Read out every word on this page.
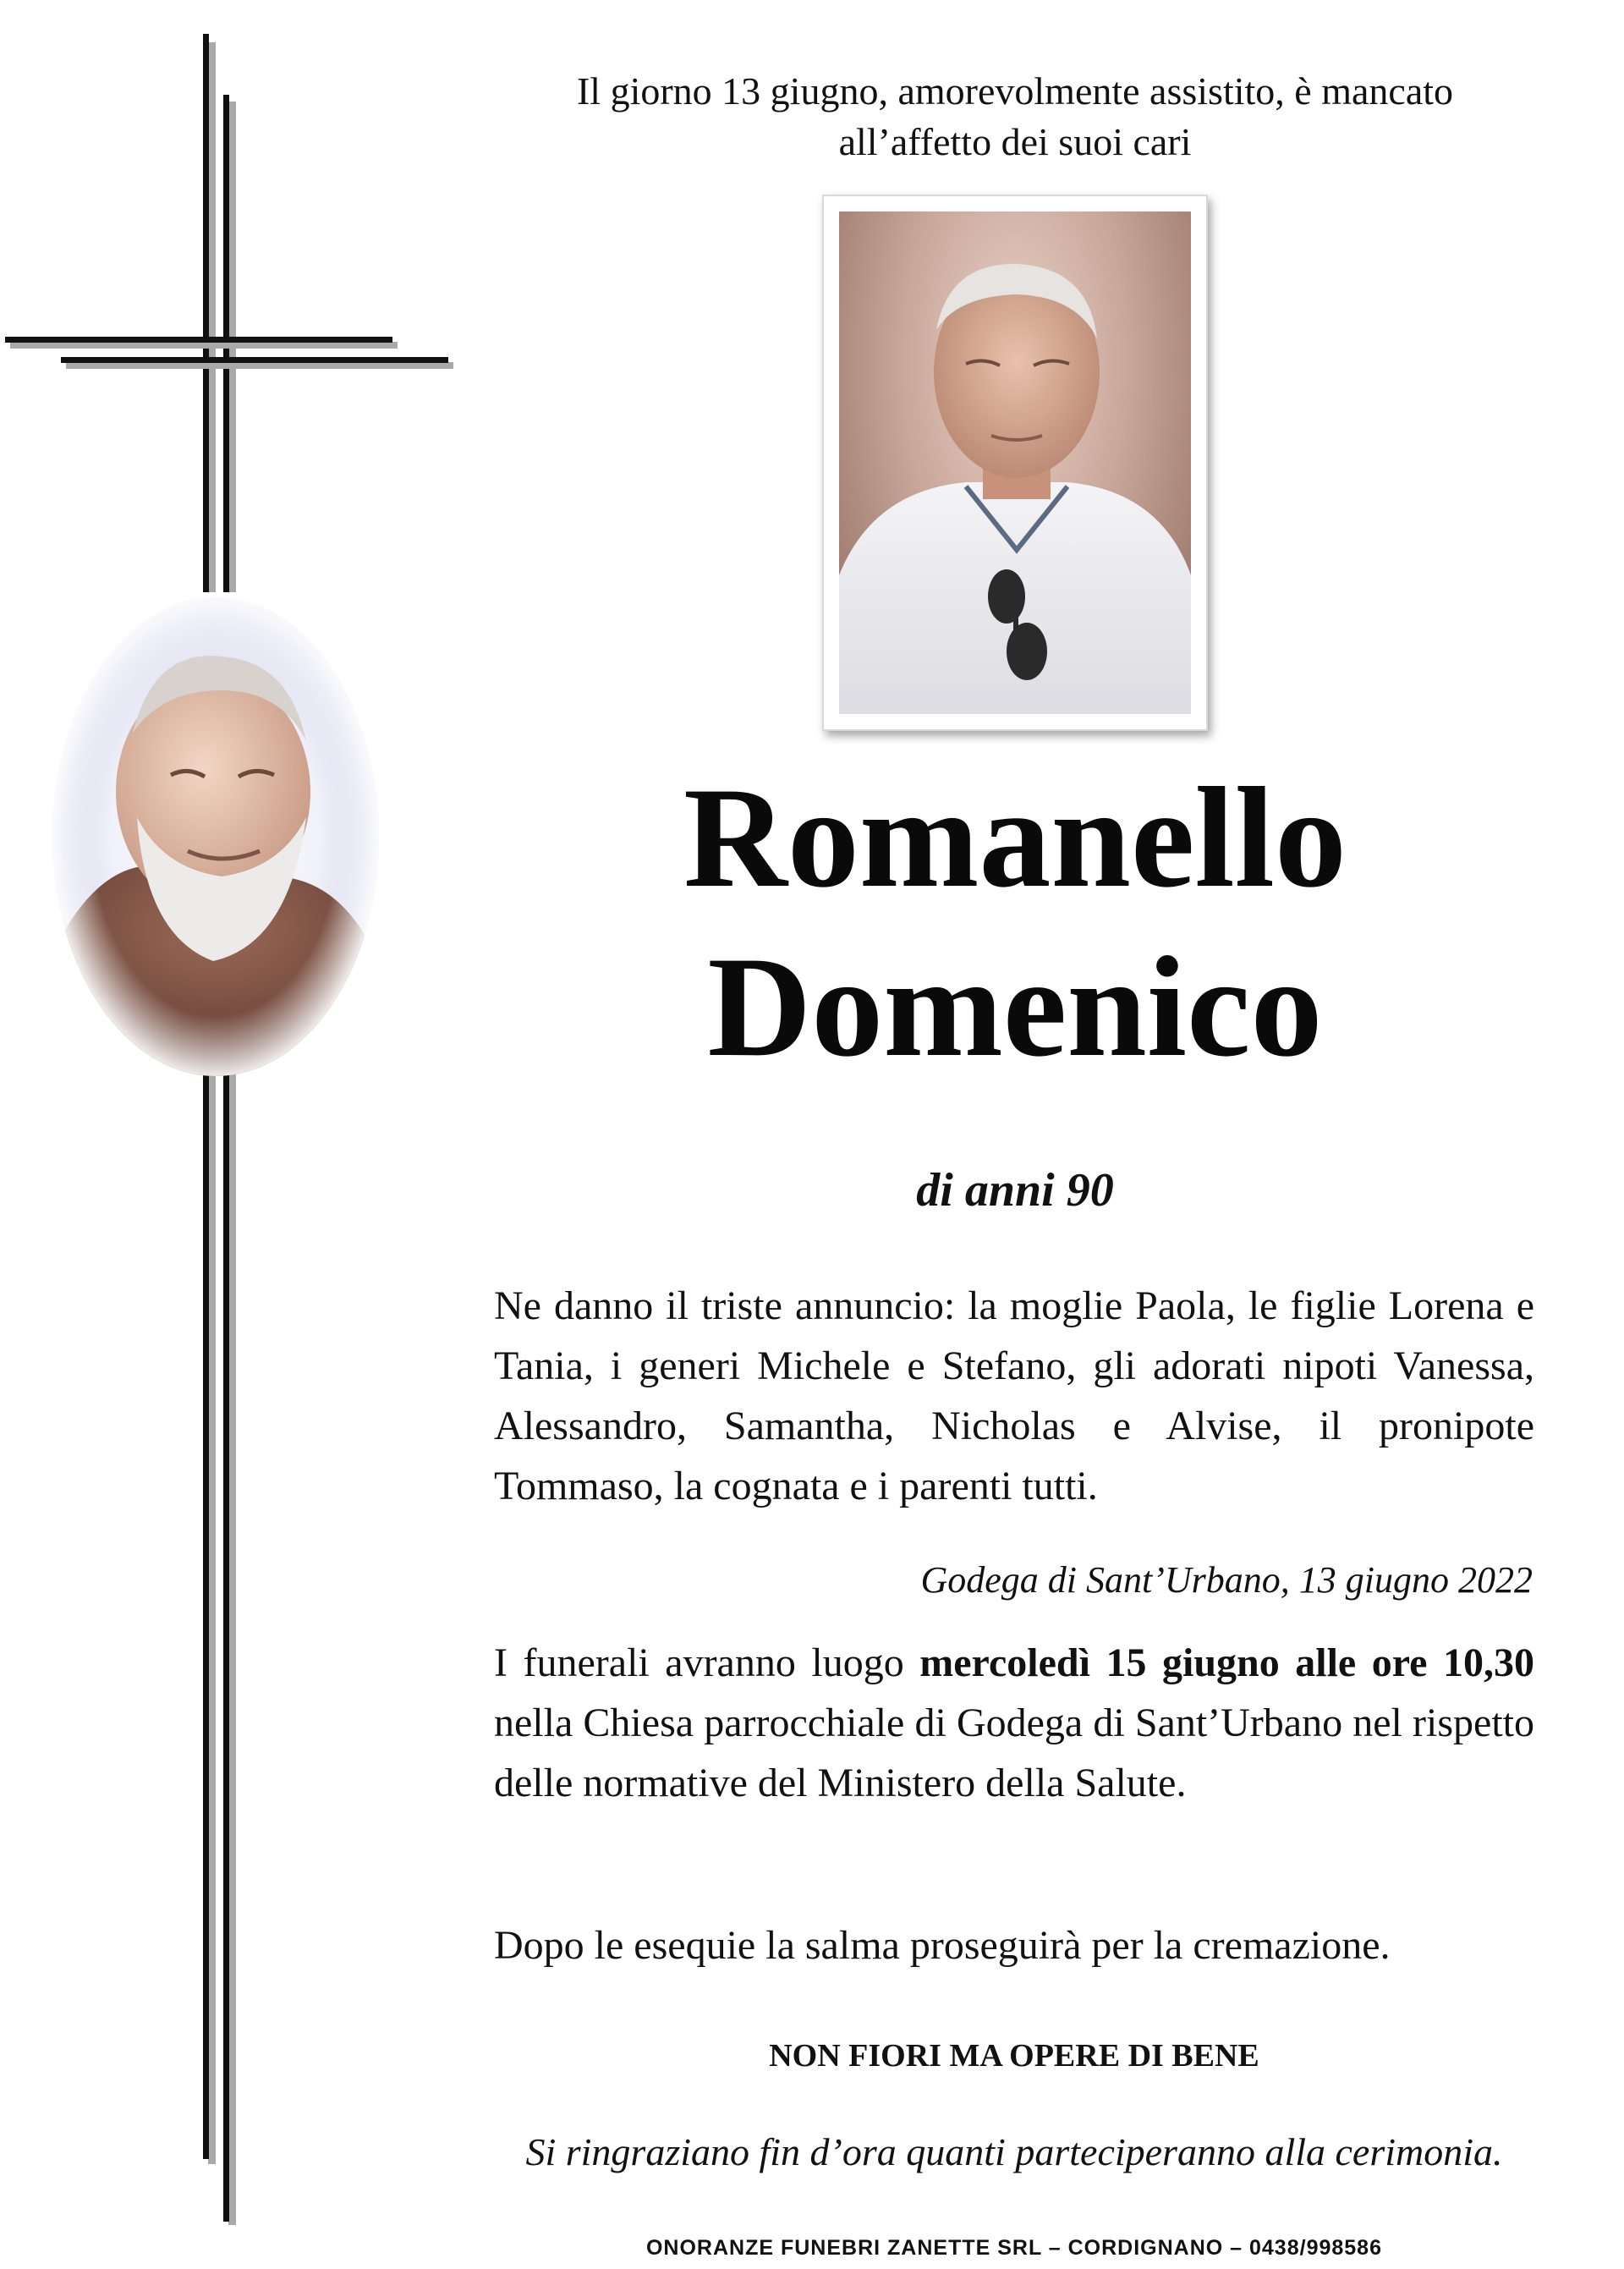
Il giorno 13 giugno, amorevolmente assistito, è mancato
all’affetto dei suoi cari
Romanello
Domenico
di anni 90
Ne danno il triste annuncio: la moglie Paola, le figlie Lorena e Tania, i generi Michele e Stefano, gli adorati nipoti Vanessa, Alessandro, Samantha, Nicholas e Alvise, il pronipote Tommaso, la cognata e i parenti tutti.
Godega di Sant’Urbano, 13 giugno 2022
I funerali avranno luogo mercoledì 15 giugno alle ore 10,30 nella Chiesa parrocchiale di Godega di Sant’Urbano nel rispetto delle normative del Ministero della Salute.
Dopo le esequie la salma proseguirà per la cremazione.
NON FIORI MA OPERE DI BENE
Si ringraziano fin d’ora quanti parteciperanno alla cerimonia.
ONORANZE FUNEBRI ZANETTE SRL – CORDIGNANO – 0438/998586
